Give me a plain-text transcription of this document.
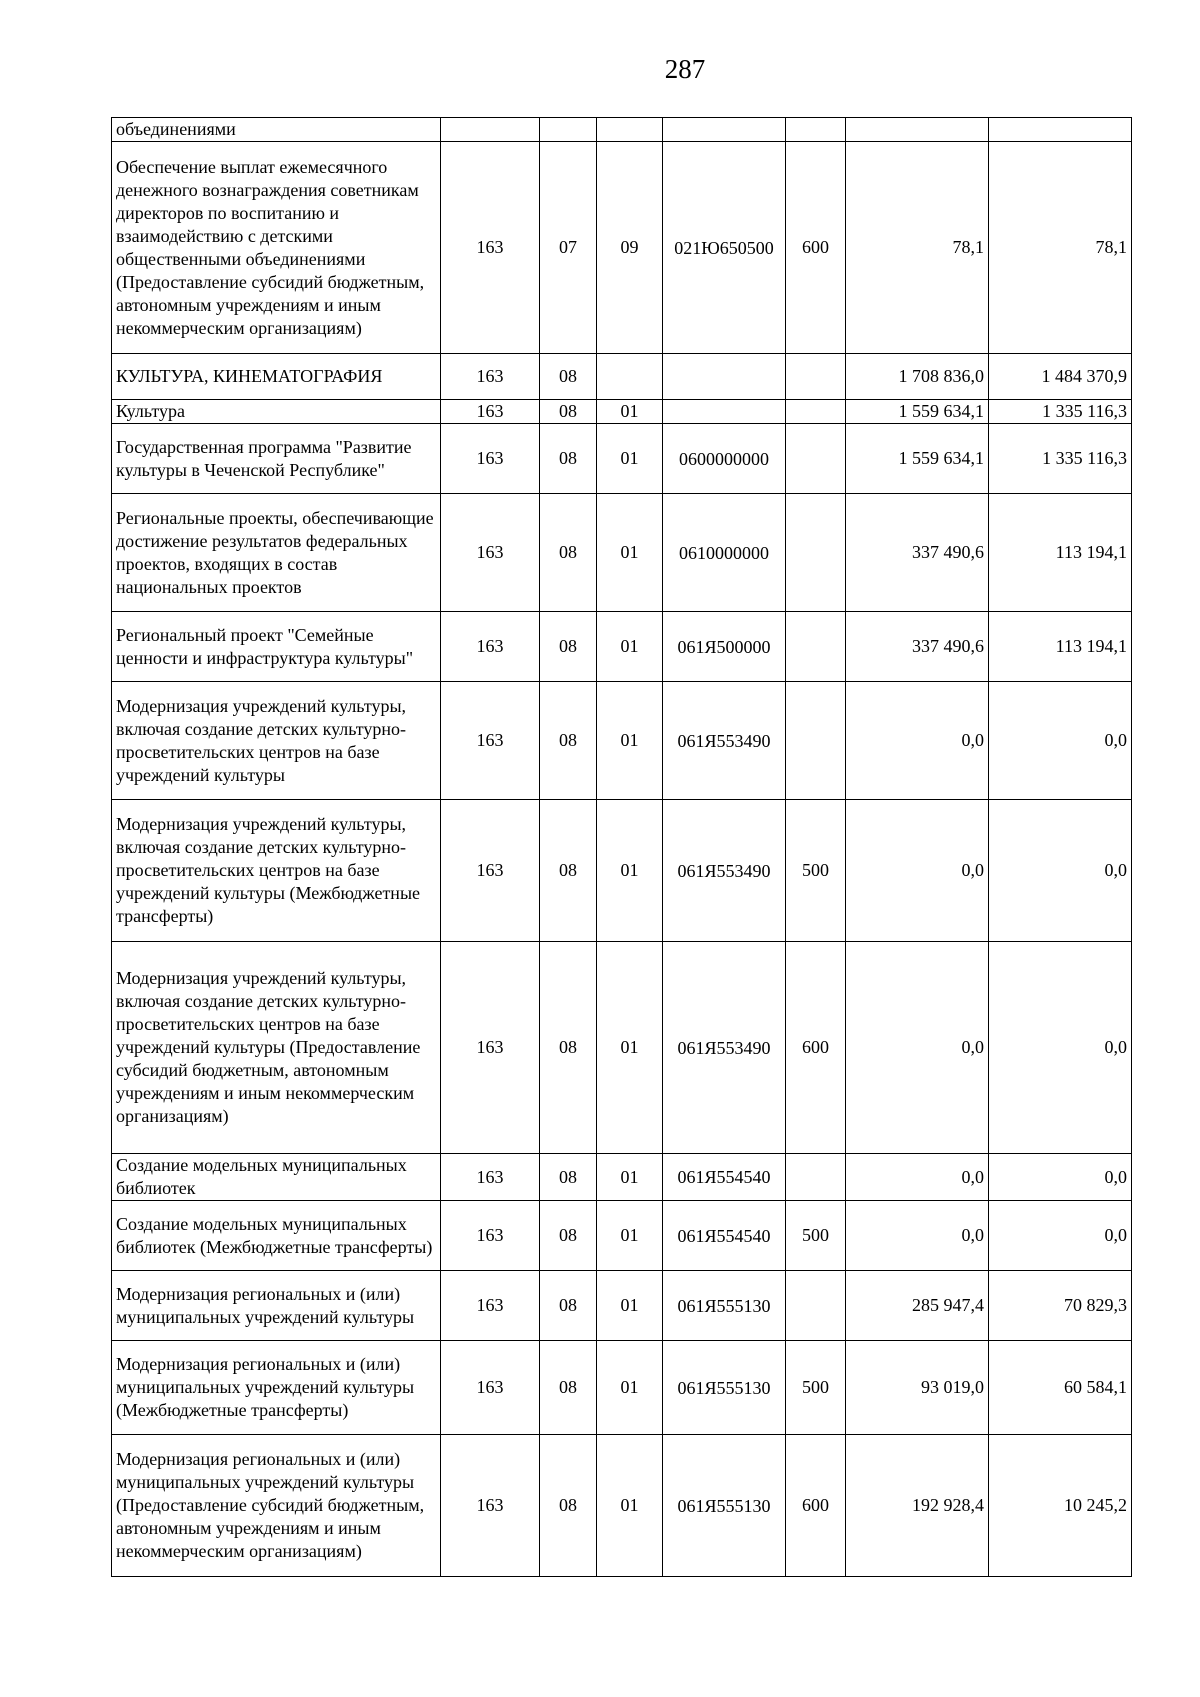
287
объединениями							
Обеспечение выплат ежемесячного денежного вознаграждения советникам директоров по воспитанию и взаимодействию с детскими общественными объединениями (Предоставление субсидий бюджетным, автономным учреждениям и иным некоммерческим организациям)	163	07	09	021Ю650500	600	78,1	78,1
КУЛЬТУРА, КИНЕМАТОГРАФИЯ	163	08				1 708 836,0	1 484 370,9
Культура	163	08	01			1 559 634,1	1 335 116,3
Государственная программа "Развитие культуры в Чеченской Республике"	163	08	01	0600000000		1 559 634,1	1 335 116,3
Региональные проекты, обеспечивающие достижение результатов федеральных проектов, входящих в состав национальных проектов	163	08	01	0610000000		337 490,6	113 194,1
Региональный проект "Семейные ценности и инфраструктура культуры"	163	08	01	061Я500000		337 490,6	113 194,1
Модернизация учреждений культуры, включая создание детских культурно-просветительских центров на базе учреждений культуры	163	08	01	061Я553490		0,0	0,0
Модернизация учреждений культуры, включая создание детских культурно-просветительских центров на базе учреждений культуры (Межбюджетные трансферты)	163	08	01	061Я553490	500	0,0	0,0
Модернизация учреждений культуры, включая создание детских культурно-просветительских центров на базе учреждений культуры (Предоставление субсидий бюджетным, автономным учреждениям и иным некоммерческим организациям)	163	08	01	061Я553490	600	0,0	0,0
Создание модельных муниципальных библиотек	163	08	01	061Я554540		0,0	0,0
Создание модельных муниципальных библиотек (Межбюджетные трансферты)	163	08	01	061Я554540	500	0,0	0,0
Модернизация региональных и (или) муниципальных учреждений культуры	163	08	01	061Я555130		285 947,4	70 829,3
Модернизация региональных и (или) муниципальных учреждений культуры (Межбюджетные трансферты)	163	08	01	061Я555130	500	93 019,0	60 584,1
Модернизация региональных и (или) муниципальных учреждений культуры (Предоставление субсидий бюджетным, автономным учреждениям и иным некоммерческим организациям)	163	08	01	061Я555130	600	192 928,4	10 245,2
